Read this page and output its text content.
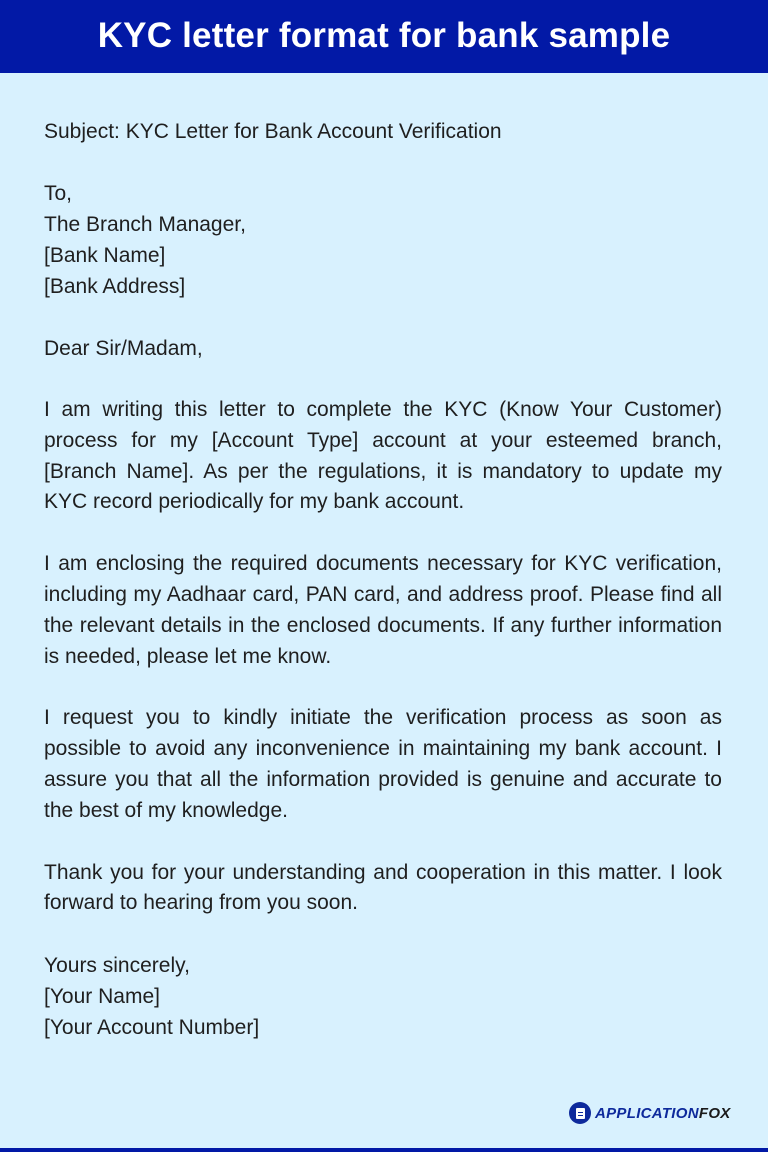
KYC letter format for bank sample
Subject: KYC Letter for Bank Account Verification
To,
The Branch Manager,
[Bank Name]
[Bank Address]
Dear Sir/Madam,

I am writing this letter to complete the KYC (Know Your Customer) process for my [Account Type] account at your esteemed branch, [Branch Name]. As per the regulations, it is mandatory to update my KYC record periodically for my bank account.

I am enclosing the required documents necessary for KYC verification, including my Aadhaar card, PAN card, and address proof. Please find all the relevant details in the enclosed documents. If any further information is needed, please let me know.

I request you to kindly initiate the verification process as soon as possible to avoid any inconvenience in maintaining my bank account. I assure you that all the information provided is genuine and accurate to the best of my knowledge.

Thank you for your understanding and cooperation in this matter. I look forward to hearing from you soon.

Yours sincerely,
[Your Name]
[Your Account Number]
APPLICATIONFOX
